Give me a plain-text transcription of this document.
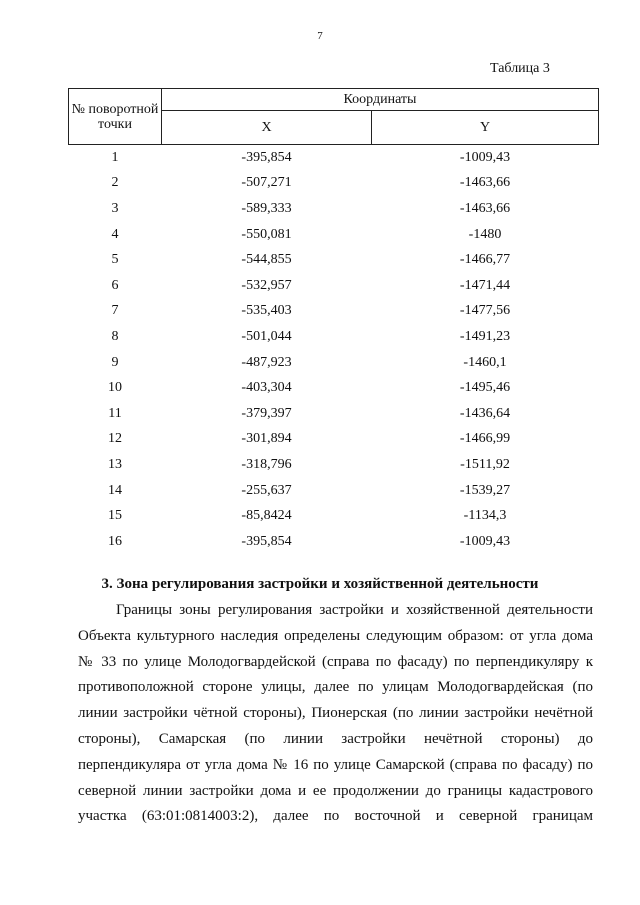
7
Таблица 3
№ поворотной точки	Координаты	
	X	Y
1	-395,854	-1009,43
2	-507,271	-1463,66
3	-589,333	-1463,66
4	-550,081	-1480
5	-544,855	-1466,77
6	-532,957	-1471,44
7	-535,403	-1477,56
8	-501,044	-1491,23
9	-487,923	-1460,1
10	-403,304	-1495,46
11	-379,397	-1436,64
12	-301,894	-1466,99
13	-318,796	-1511,92
14	-255,637	-1539,27
15	-85,8424	-1134,3
16	-395,854	-1009,43
3. Зона регулирования застройки и хозяйственной деятельности

Границы зоны регулирования застройки и хозяйственной деятельности
Объекта культурного наследия определены следующим образом: от угла дома
№ 33 по улице Молодогвардейской (справа по фасаду) по перпендикуляру к
противоположной стороне улицы, далее по улицам Молодогвардейская (по
линии застройки чётной стороны), Пионерская (по линии застройки нечётной
стороны), Самарская (по линии застройки нечётной стороны) до
перпендикуляра от угла дома № 16 по улице Самарской (справа по фасаду) по
северной линии застройки дома и ее продолжении до границы кадастрового
участка (63:01:0814003:2), далее по восточной и северной границам
